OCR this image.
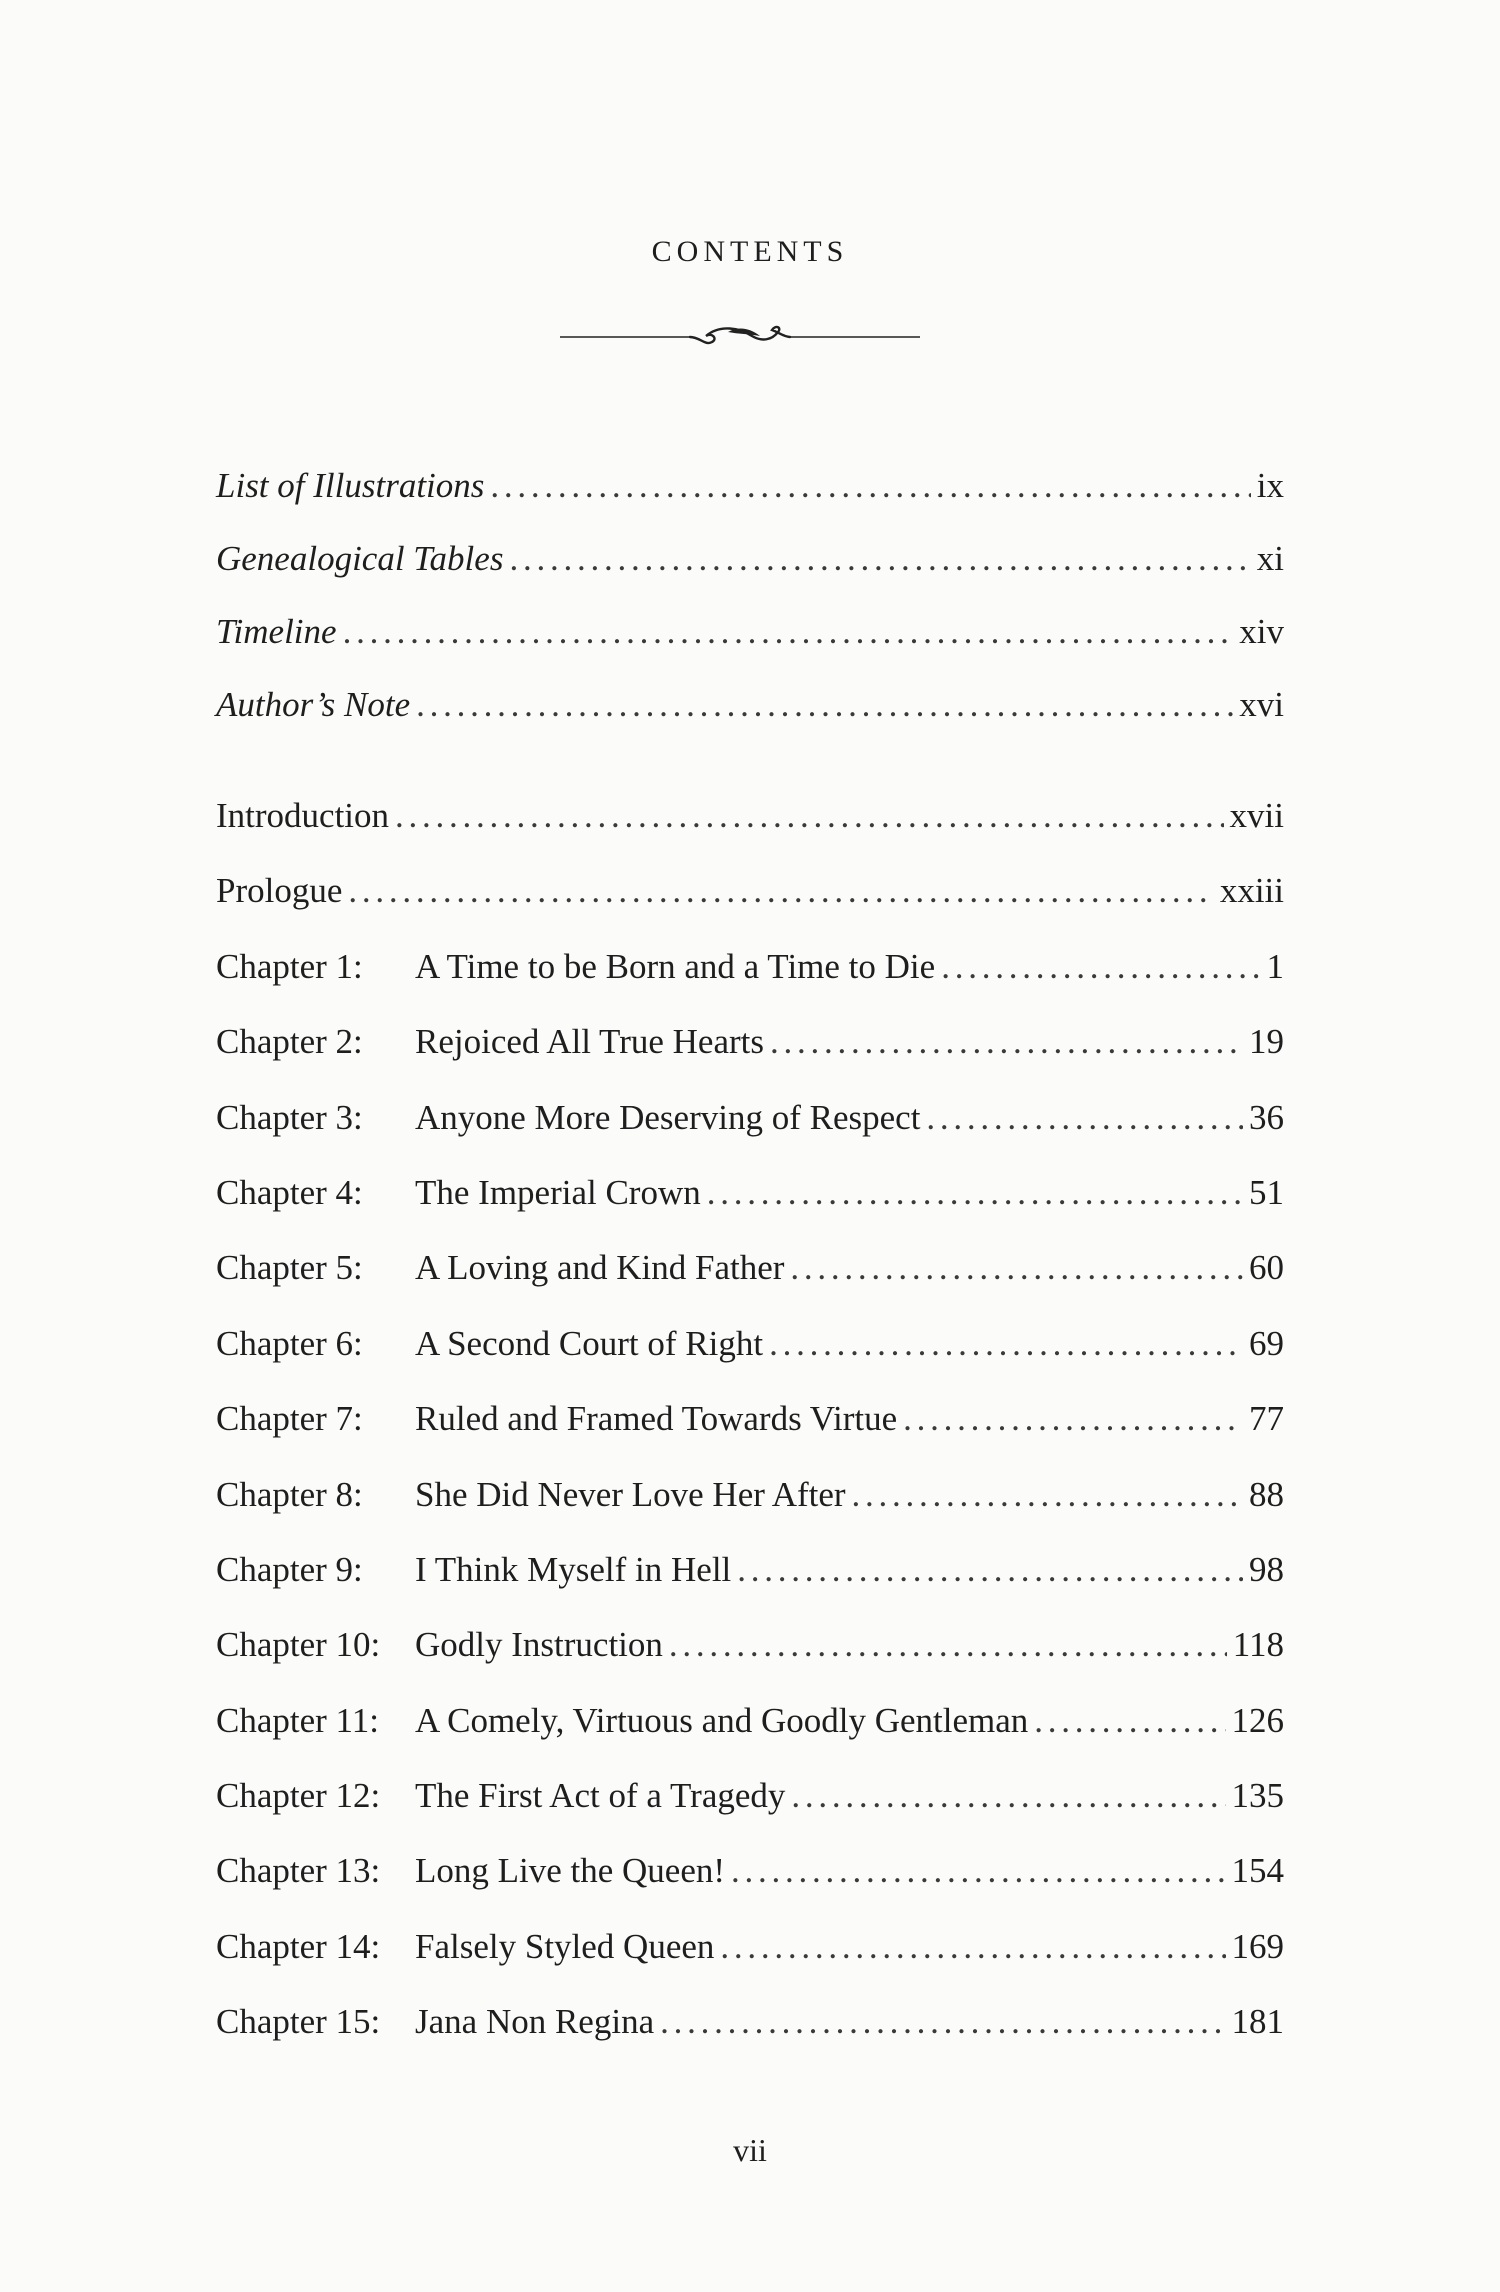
CONTENTS
List of Illustrations . . .	ix
Genealogical Tables . . .	xi
Timeline . . .	xiv
Author’s Note . . .	xvi
Introduction . . .	xvii
Prologue . . .	xxiii
Chapter 1:	A Time to be Born and a Time to Die . . .	1
Chapter 2:	Rejoiced All True Hearts . . .	19
Chapter 3:	Anyone More Deserving of Respect . . .	36
Chapter 4:	The Imperial Crown . . .	51
Chapter 5:	A Loving and Kind Father . . .	60
Chapter 6:	A Second Court of Right . . .	69
Chapter 7:	Ruled and Framed Towards Virtue . . .	77
Chapter 8:	She Did Never Love Her After . . .	88
Chapter 9:	I Think Myself in Hell . . .	98
Chapter 10: Godly Instruction . . .	118
Chapter 11:	A Comely, Virtuous and Goodly Gentleman . . .	126
Chapter 12: The First Act of a Tragedy . . .	135
Chapter 13: Long Live the Queen! . . .	154
Chapter 14: Falsely Styled Queen . . .	169
Chapter 15: Jana Non Regina . . .	181
vii
